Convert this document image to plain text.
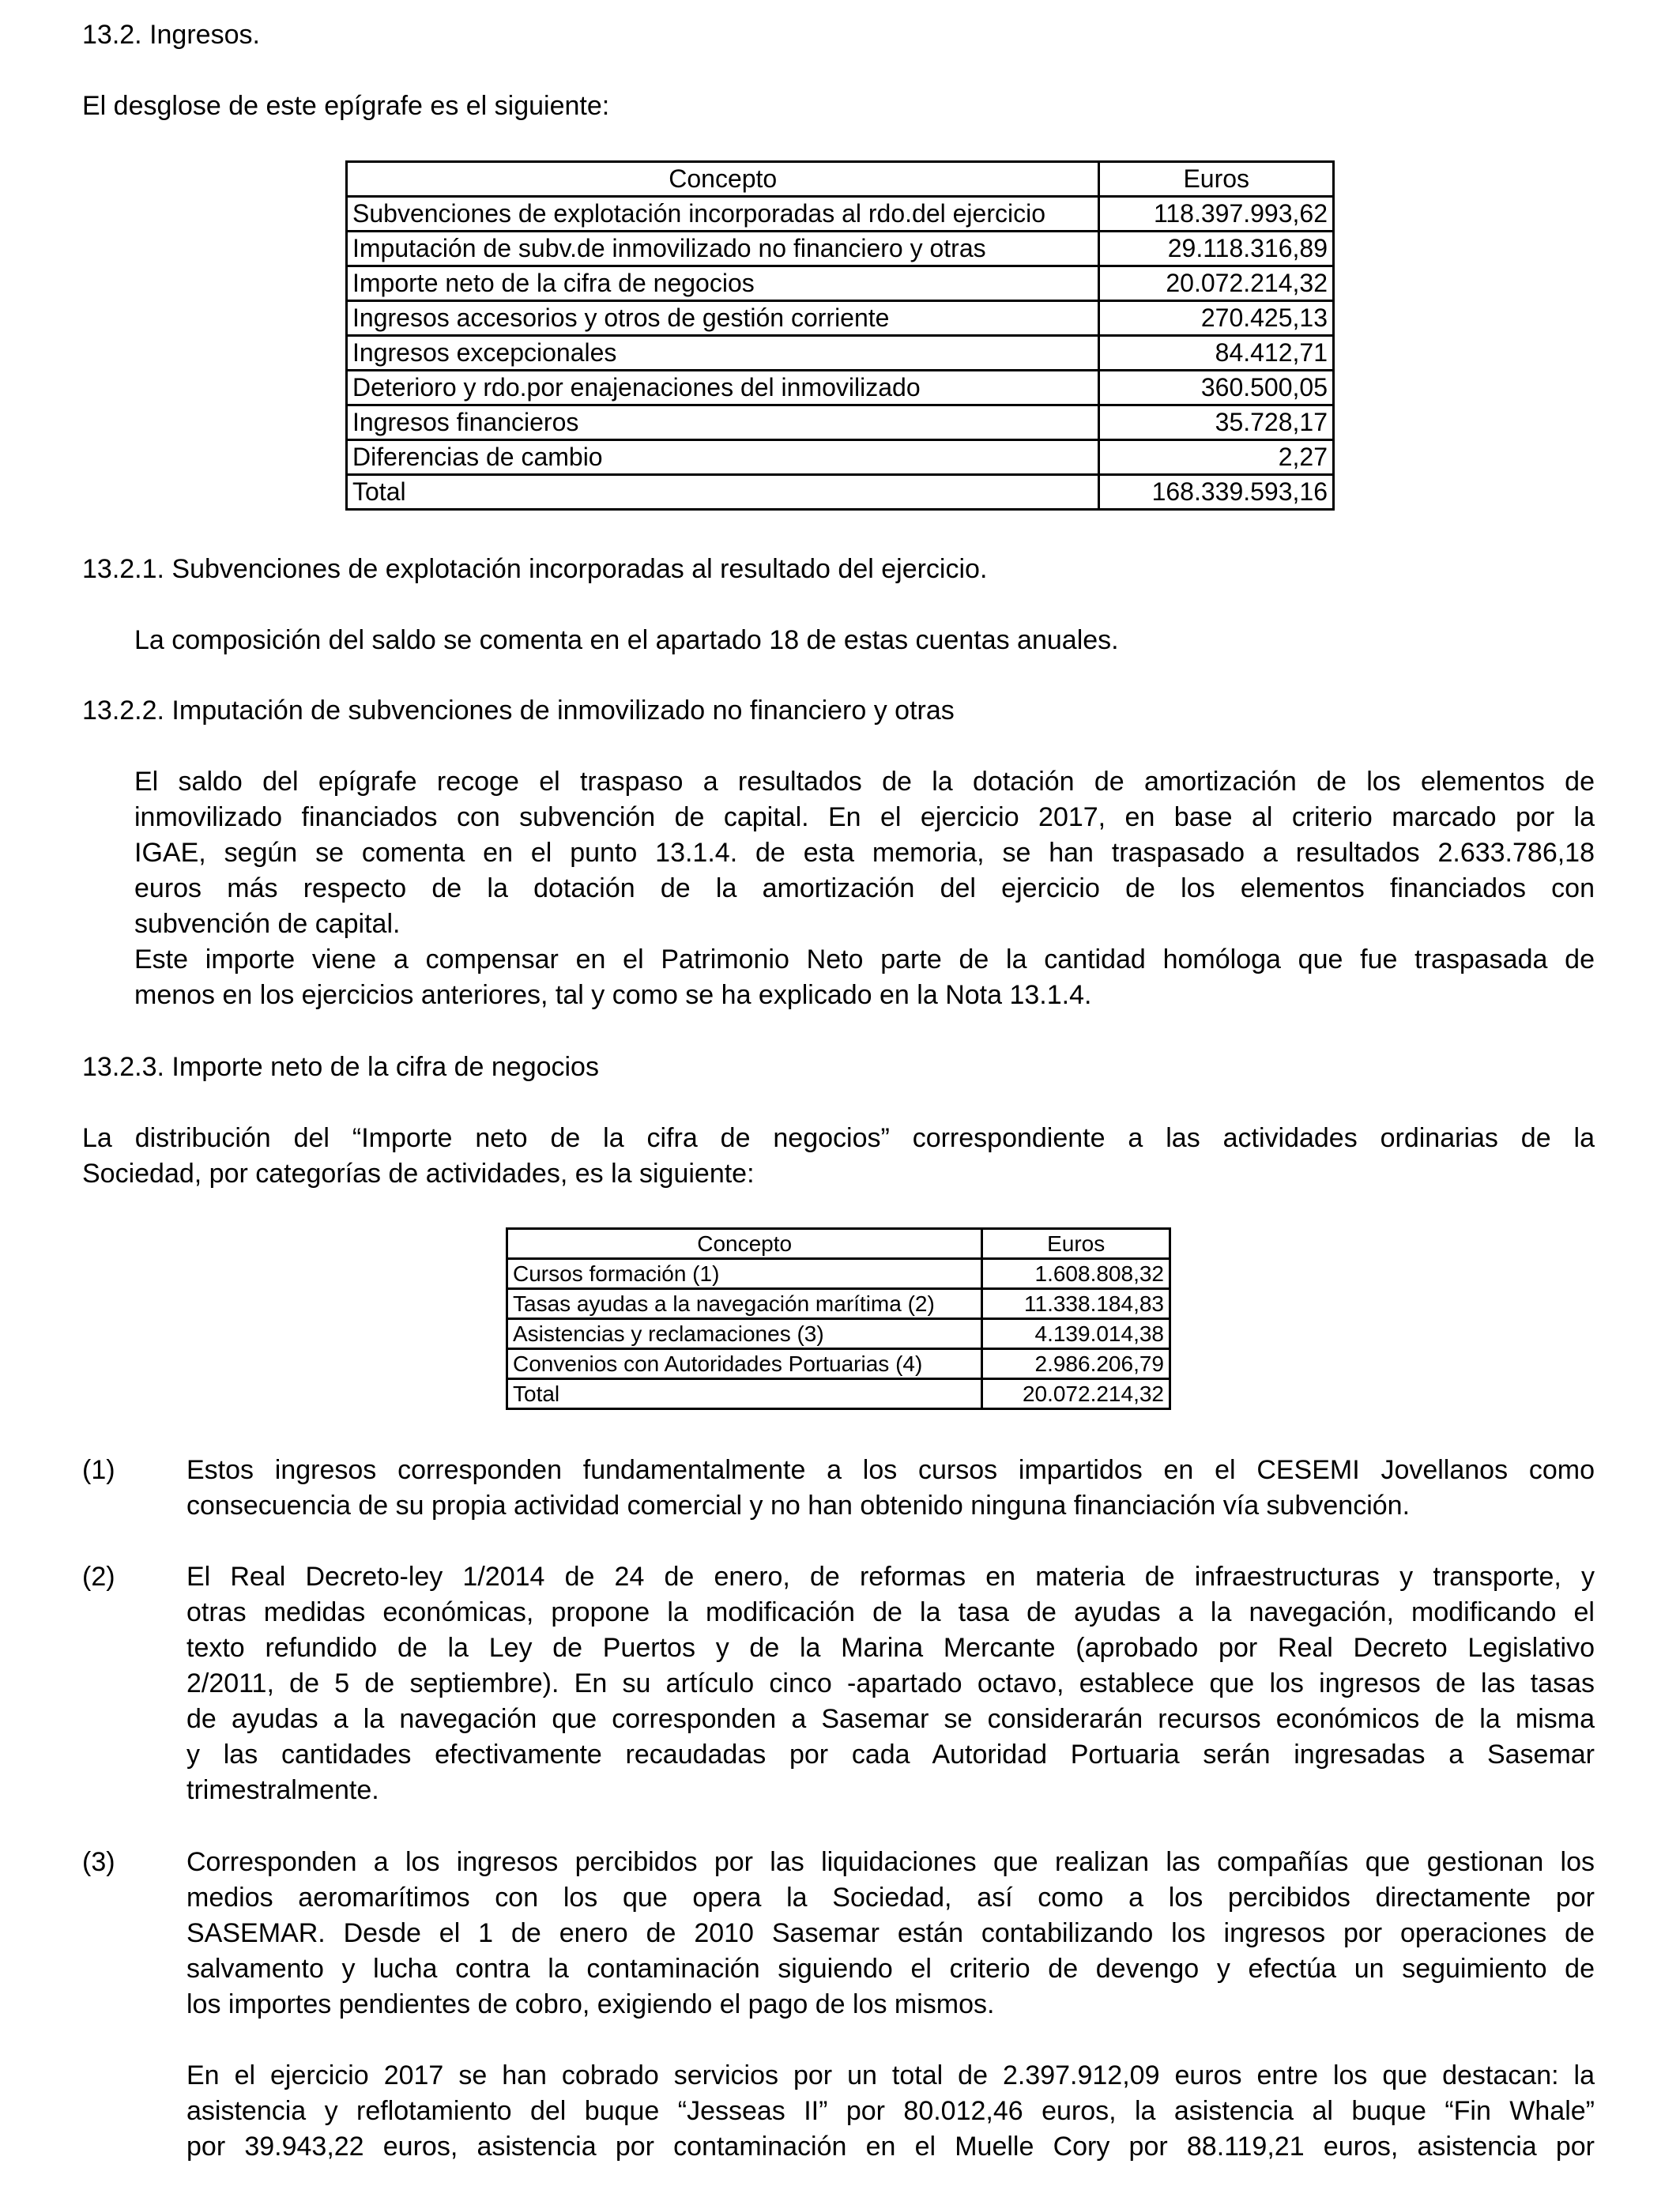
13.2. Ingresos.
El desglose de este epígrafe es el siguiente:
Concepto	Euros
Subvenciones de explotación incorporadas al rdo.del ejercicio	118.397.993,62
Imputación de subv.de inmovilizado no financiero y otras	29.118.316,89
Importe neto de la cifra de negocios	20.072.214,32
Ingresos accesorios y otros de gestión corriente	270.425,13
Ingresos excepcionales	84.412,71
Deterioro y rdo.por enajenaciones del inmovilizado	360.500,05
Ingresos financieros	35.728,17
Diferencias de cambio	2,27
Total	168.339.593,16
13.2.1. Subvenciones de explotación incorporadas al resultado del ejercicio.
La composición del saldo se comenta en el apartado 18 de estas cuentas anuales.
13.2.2. Imputación de subvenciones de inmovilizado no financiero y otras
El saldo del epígrafe recoge el traspaso a resultados de la dotación de amortización de los elementos de
inmovilizado financiados con subvención de capital. En el ejercicio 2017, en base al criterio marcado por la
IGAE, según se comenta en el punto 13.1.4. de esta memoria, se han traspasado a resultados 2.633.786,18
euros más respecto de la dotación de la amortización del ejercicio de los elementos financiados con
subvención de capital.
Este importe viene a compensar en el Patrimonio Neto parte de la cantidad homóloga que fue traspasada de
menos en los ejercicios anteriores, tal y como se ha explicado en la Nota 13.1.4.
13.2.3. Importe neto de la cifra de negocios
La distribución del “Importe neto de la cifra de negocios” correspondiente a las actividades ordinarias de la
Sociedad, por categorías de actividades, es la siguiente:
Concepto	Euros
Cursos formación (1)	1.608.808,32
Tasas ayudas a la navegación marítima (2)	11.338.184,83
Asistencias y reclamaciones (3)	4.139.014,38
Convenios con Autoridades Portuarias (4)	2.986.206,79
Total	20.072.214,32
(1)	Estos ingresos corresponden fundamentalmente a los cursos impartidos en el CESEMI Jovellanos como
consecuencia de su propia actividad comercial y no han obtenido ninguna financiación vía subvención.
(2)	El Real Decreto-ley 1/2014 de 24 de enero, de reformas en materia de infraestructuras y transporte, y
otras medidas económicas, propone la modificación de la tasa de ayudas a la navegación, modificando el
texto refundido de la Ley de Puertos y de la Marina Mercante (aprobado por Real Decreto Legislativo
2/2011, de 5 de septiembre). En su artículo cinco -apartado octavo, establece que los ingresos de las tasas
de ayudas a la navegación que corresponden a Sasemar se considerarán recursos económicos de la misma
y las cantidades efectivamente recaudadas por cada Autoridad Portuaria serán ingresadas a Sasemar
trimestralmente.
(3)	Corresponden a los ingresos percibidos por las liquidaciones que realizan las compañías que gestionan los
medios aeromarítimos con los que opera la Sociedad, así como a los percibidos directamente por
SASEMAR. Desde el 1 de enero de 2010 Sasemar están contabilizando los ingresos por operaciones de
salvamento y lucha contra la contaminación siguiendo el criterio de devengo y efectúa un seguimiento de
los importes pendientes de cobro, exigiendo el pago de los mismos.
En el ejercicio 2017 se han cobrado servicios por un total de 2.397.912,09 euros entre los que destacan: la
asistencia y reflotamiento del buque “Jesseas II” por 80.012,46 euros, la asistencia al buque “Fin Whale”
por 39.943,22 euros, asistencia por contaminación en el Muelle Cory por 88.119,21 euros, asistencia por
